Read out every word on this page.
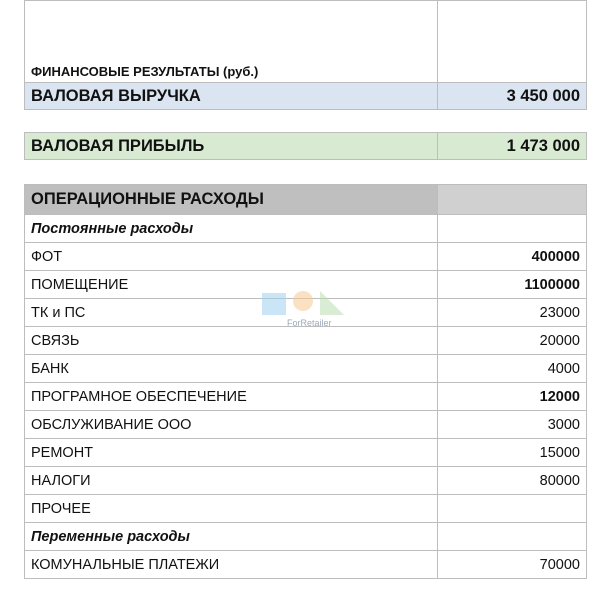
ФИНАНСОВЫЕ РЕЗУЛЬТАТЫ (руб.)	
ВАЛОВАЯ ВЫРУЧКА	3 450 000
ВАЛОВАЯ ПРИБЫЛЬ	1 473 000
ОПЕРАЦИОННЫЕ РАСХОДЫ	
Постоянные расходы	
ФОТ	400000
ПОМЕЩЕНИЕ	1100000
ТК и ПС	23000
СВЯЗЬ	20000
БАНК	4000
ПРОГРАМНОЕ ОБЕСПЕЧЕНИЕ	12000
ОБСЛУЖИВАНИЕ ООО	3000
РЕМОНТ	15000
НАЛОГИ	80000
ПРОЧЕЕ	
Переменные расходы	
КОМУНАЛЬНЫЕ ПЛАТЕЖИ	70000
ForRetailer
